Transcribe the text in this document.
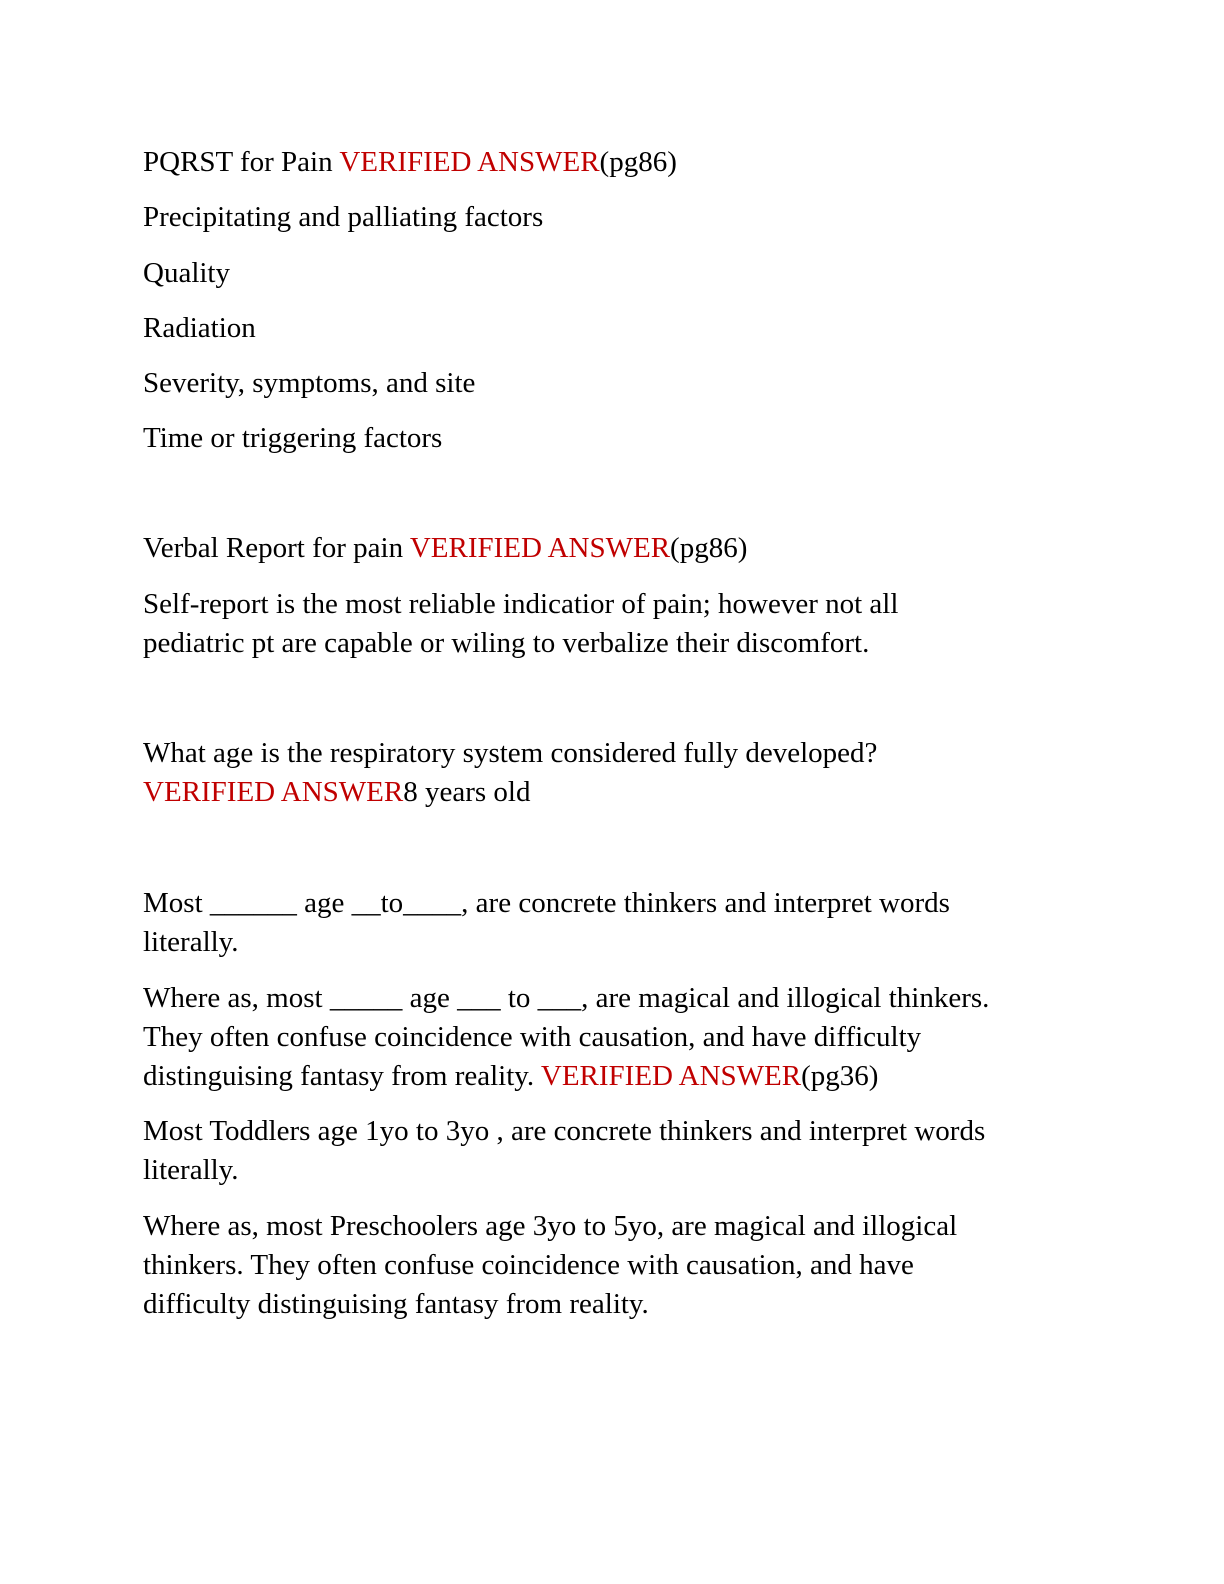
PQRST for Pain VERIFIED ANSWER(pg86)
Precipitating and palliating factors
Quality
Radiation
Severity, symptoms, and site
Time or triggering factors
Verbal Report for pain VERIFIED ANSWER(pg86)
Self-report is the most reliable indicatior of pain; however not all
pediatric pt are capable or wiling to verbalize their discomfort.
What age is the respiratory system considered fully developed?
VERIFIED ANSWER8 years old
Most ______ age __to____, are concrete thinkers and interpret words
literally.
Where as, most _____ age ___ to ___, are magical and illogical thinkers.
They often confuse coincidence with causation, and have difficulty
distinguising fantasy from reality. VERIFIED ANSWER(pg36)
Most Toddlers age 1yo to 3yo , are concrete thinkers and interpret words
literally.
Where as, most Preschoolers age 3yo to 5yo, are magical and illogical
thinkers. They often confuse coincidence with causation, and have
difficulty distinguising fantasy from reality.
